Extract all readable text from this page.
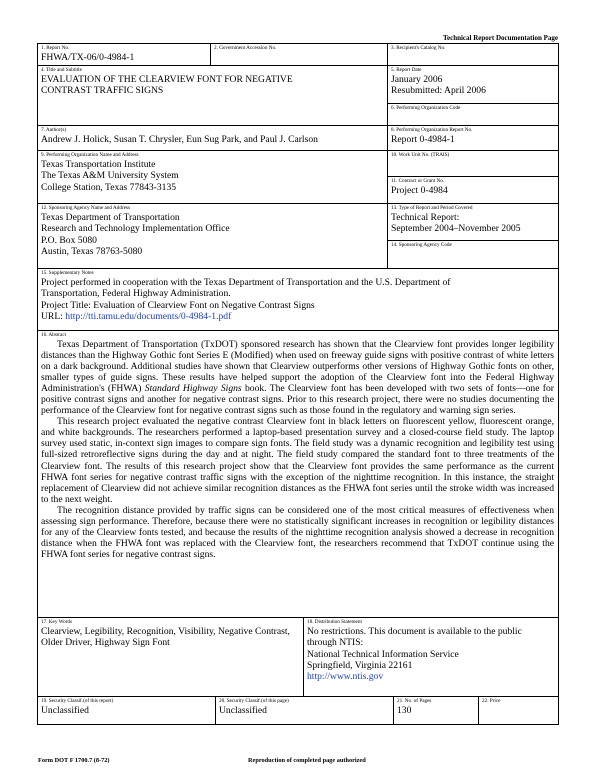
Technical Report Documentation Page
1. Report No.
FHWA/TX-06/0-4984-1
2. Government Accession No.	3. Recipient's Catalog No.
4. Title and Subtitle
EVALUATION OF THE CLEARVIEW FONT FOR NEGATIVE
CONTRAST TRAFFIC SIGNS
5. Report Date
January 2006
Resubmitted: April 2006
6. Performing Organization Code
7. Author(s)
Andrew J. Holick, Susan T. Chrysler, Eun Sug Park, and Paul J. Carlson
8. Performing Organization Report No.
Report 0-4984-1
9. Performing Organization Name and Address
Texas Transportation Institute
The Texas A&M University System
College Station, Texas 77843-3135
10. Work Unit No. (TRAIS)
11. Contract or Grant No.
Project 0-4984
12. Sponsoring Agency Name and Address
Texas Department of Transportation
Research and Technology Implementation Office
P.O. Box 5080
Austin, Texas 78763-5080
13. Type of Report and Period Covered
Technical Report:
September 2004–November 2005
14. Sponsoring Agency Code
15. Supplementary Notes
Project performed in cooperation with the Texas Department of Transportation and the U.S. Department of
Transportation, Federal Highway Administration.
Project Title: Evaluation of Clearview Font on Negative Contrast Signs
URL: http://tti.tamu.edu/documents/0-4984-1.pdf
16. Abstract

Texas Department of Transportation (TxDOT) sponsored research has shown that the Clearview font provides longer legibility distances than the Highway Gothic font Series E (Modified) when used on freeway guide signs with positive contrast of white letters on a dark background. Additional studies have shown that Clearview outperforms other versions of Highway Gothic fonts on other, smaller types of guide signs. These results have helped support the adoption of the Clearview font into the Federal Highway Administration's (FHWA) Standard Highway Signs book. The Clearview font has been developed with two sets of fonts—one for positive contrast signs and another for negative contrast signs. Prior to this research project, there were no studies documenting the performance of the Clearview font for negative contrast signs such as those found in the regulatory and warning sign series.

This research project evaluated the negative contrast Clearview font in black letters on fluorescent yellow, fluorescent orange, and white backgrounds. The researchers performed a laptop-based presentation survey and a closed-course field study. The laptop survey used static, in-context sign images to compare sign fonts. The field study was a dynamic recognition and legibility test using full-sized retroreflective signs during the day and at night. The field study compared the standard font to three treatments of the Clearview font. The results of this research project show that the Clearview font provides the same performance as the current FHWA font series for negative contrast traffic signs with the exception of the nighttime recognition. In this instance, the straight replacement of Clearview did not achieve similar recognition distances as the FHWA font series until the stroke width was increased to the next weight.

The recognition distance provided by traffic signs can be considered one of the most critical measures of effectiveness when assessing sign performance. Therefore, because there were no statistically significant increases in recognition or legibility distances for any of the Clearview fonts tested, and because the results of the nighttime recognition analysis showed a decrease in recognition distance when the FHWA font was replaced with the Clearview font, the researchers recommend that TxDOT continue using the FHWA font series for negative contrast signs.

17. Key Words
Clearview, Legibility, Recognition, Visibility, Negative Contrast, Older Driver, Highway Sign Font
18. Distribution Statement
No restrictions. This document is available to the public
through NTIS:
National Technical Information Service
Springfield, Virginia 22161
http://www.ntis.gov
19. Security Classif.(of this report)
Unclassified
20. Security Classif.(of this page)
Unclassified
21. No. of Pages
130
22. Price
Form DOT F 1700.7 (8-72)	Reproduction of completed page authorized
